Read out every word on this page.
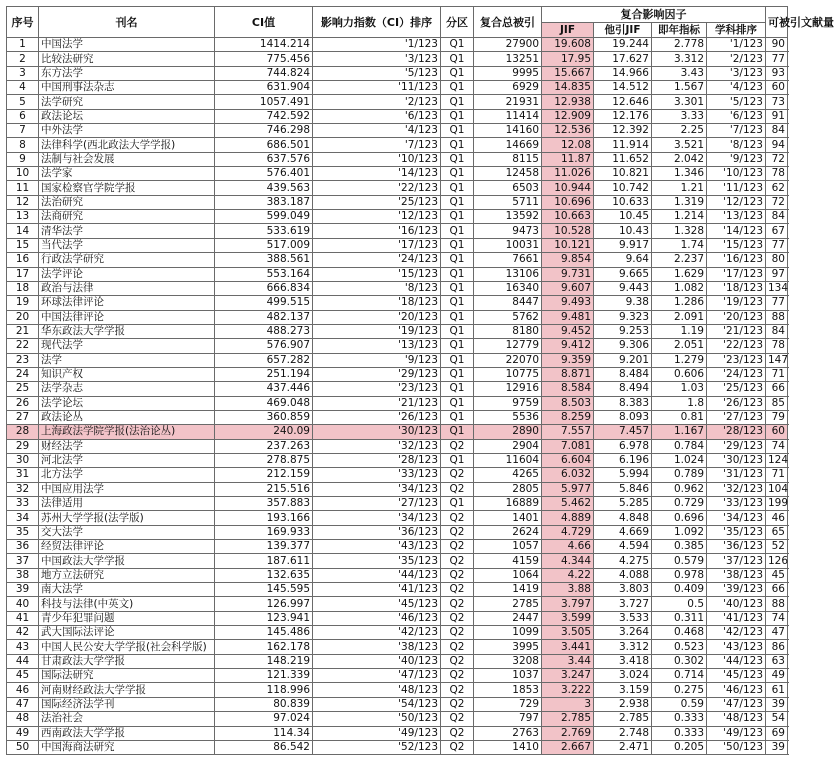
序号	刊名	CI值	影响力指数（CI）排序	分区	复合总被引	复合影响因子				可被引文献量
						JIF	他引JIF	即年指标	学科排序	
1	中国法学	1414.214	'1/123	Q1	27900	19.608	19.244	2.778	'1/123	90
2	比较法研究	775.456	'3/123	Q1	13251	17.95	17.627	3.312	'2/123	77
3	东方法学	744.824	'5/123	Q1	9995	15.667	14.966	3.43	'3/123	93
4	中国刑事法杂志	631.904	'11/123	Q1	6929	14.835	14.512	1.567	'4/123	60
5	法学研究	1057.491	'2/123	Q1	21931	12.938	12.646	3.301	'5/123	73
6	政法论坛	742.592	'6/123	Q1	11414	12.909	12.176	3.33	'6/123	91
7	中外法学	746.298	'4/123	Q1	14160	12.536	12.392	2.25	'7/123	84
8	法律科学(西北政法大学学报)	686.501	'7/123	Q1	14669	12.08	11.914	3.521	'8/123	94
9	法制与社会发展	637.576	'10/123	Q1	8115	11.87	11.652	2.042	'9/123	72
10	法学家	576.401	'14/123	Q1	12458	11.026	10.821	1.346	'10/123	78
11	国家检察官学院学报	439.563	'22/123	Q1	6503	10.944	10.742	1.21	'11/123	62
12	法治研究	383.187	'25/123	Q1	5711	10.696	10.633	1.319	'12/123	72
13	法商研究	599.049	'12/123	Q1	13592	10.663	10.45	1.214	'13/123	84
14	清华法学	533.619	'16/123	Q1	9473	10.528	10.43	1.328	'14/123	67
15	当代法学	517.009	'17/123	Q1	10031	10.121	9.917	1.74	'15/123	77
16	行政法学研究	388.561	'24/123	Q1	7661	9.854	9.64	2.237	'16/123	80
17	法学评论	553.164	'15/123	Q1	13106	9.731	9.665	1.629	'17/123	97
18	政治与法律	666.834	'8/123	Q1	16340	9.607	9.443	1.082	'18/123	134
19	环球法律评论	499.515	'18/123	Q1	8447	9.493	9.38	1.286	'19/123	77
20	中国法律评论	482.137	'20/123	Q1	5762	9.481	9.323	2.091	'20/123	88
21	华东政法大学学报	488.273	'19/123	Q1	8180	9.452	9.253	1.19	'21/123	84
22	现代法学	576.907	'13/123	Q1	12779	9.412	9.306	2.051	'22/123	78
23	法学	657.282	'9/123	Q1	22070	9.359	9.201	1.279	'23/123	147
24	知识产权	251.194	'29/123	Q1	10775	8.871	8.484	0.606	'24/123	71
25	法学杂志	437.446	'23/123	Q1	12916	8.584	8.494	1.03	'25/123	66
26	法学论坛	469.048	'21/123	Q1	9759	8.503	8.383	1.8	'26/123	85
27	政法论丛	360.859	'26/123	Q1	5536	8.259	8.093	0.81	'27/123	79
28	上海政法学院学报(法治论丛)	240.09	'30/123	Q1	2890	7.557	7.457	1.167	'28/123	60
29	财经法学	237.263	'32/123	Q2	2904	7.081	6.978	0.784	'29/123	74
30	河北法学	278.875	'28/123	Q1	11604	6.604	6.196	1.024	'30/123	124
31	北方法学	212.159	'33/123	Q2	4265	6.032	5.994	0.789	'31/123	71
32	中国应用法学	215.516	'34/123	Q2	2805	5.977	5.846	0.962	'32/123	104
33	法律适用	357.883	'27/123	Q1	16889	5.462	5.285	0.729	'33/123	199
34	苏州大学学报(法学版)	193.166	'34/123	Q2	1401	4.889	4.848	0.696	'34/123	46
35	交大法学	169.933	'36/123	Q2	2624	4.729	4.669	1.092	'35/123	65
36	经贸法律评论	139.377	'43/123	Q2	1057	4.66	4.594	0.385	'36/123	52
37	中国政法大学学报	187.611	'35/123	Q2	4159	4.344	4.275	0.579	'37/123	126
38	地方立法研究	132.635	'44/123	Q2	1064	4.22	4.088	0.978	'38/123	45
39	南大法学	145.595	'41/123	Q2	1419	3.88	3.803	0.409	'39/123	66
40	科技与法律(中英文)	126.997	'45/123	Q2	2785	3.797	3.727	0.5	'40/123	88
41	青少年犯罪问题	123.941	'46/123	Q2	2447	3.599	3.533	0.311	'41/123	74
42	武大国际法评论	145.486	'42/123	Q2	1099	3.505	3.264	0.468	'42/123	47
43	中国人民公安大学学报(社会科学版)	162.178	'38/123	Q2	3995	3.441	3.312	0.523	'43/123	86
44	甘肃政法大学学报	148.219	'40/123	Q2	3208	3.44	3.418	0.302	'44/123	63
45	国际法研究	121.339	'47/123	Q2	1037	3.247	3.024	0.714	'45/123	49
46	河南财经政法大学学报	118.996	'48/123	Q2	1853	3.222	3.159	0.275	'46/123	61
47	国际经济法学刊	80.839	'54/123	Q2	729	3	2.938	0.59	'47/123	39
48	法治社会	97.024	'50/123	Q2	797	2.785	2.785	0.333	'48/123	54
49	西南政法大学学报	114.34	'49/123	Q2	2763	2.769	2.748	0.333	'49/123	69
50	中国海商法研究	86.542	'52/123	Q2	1410	2.667	2.471	0.205	'50/123	39
